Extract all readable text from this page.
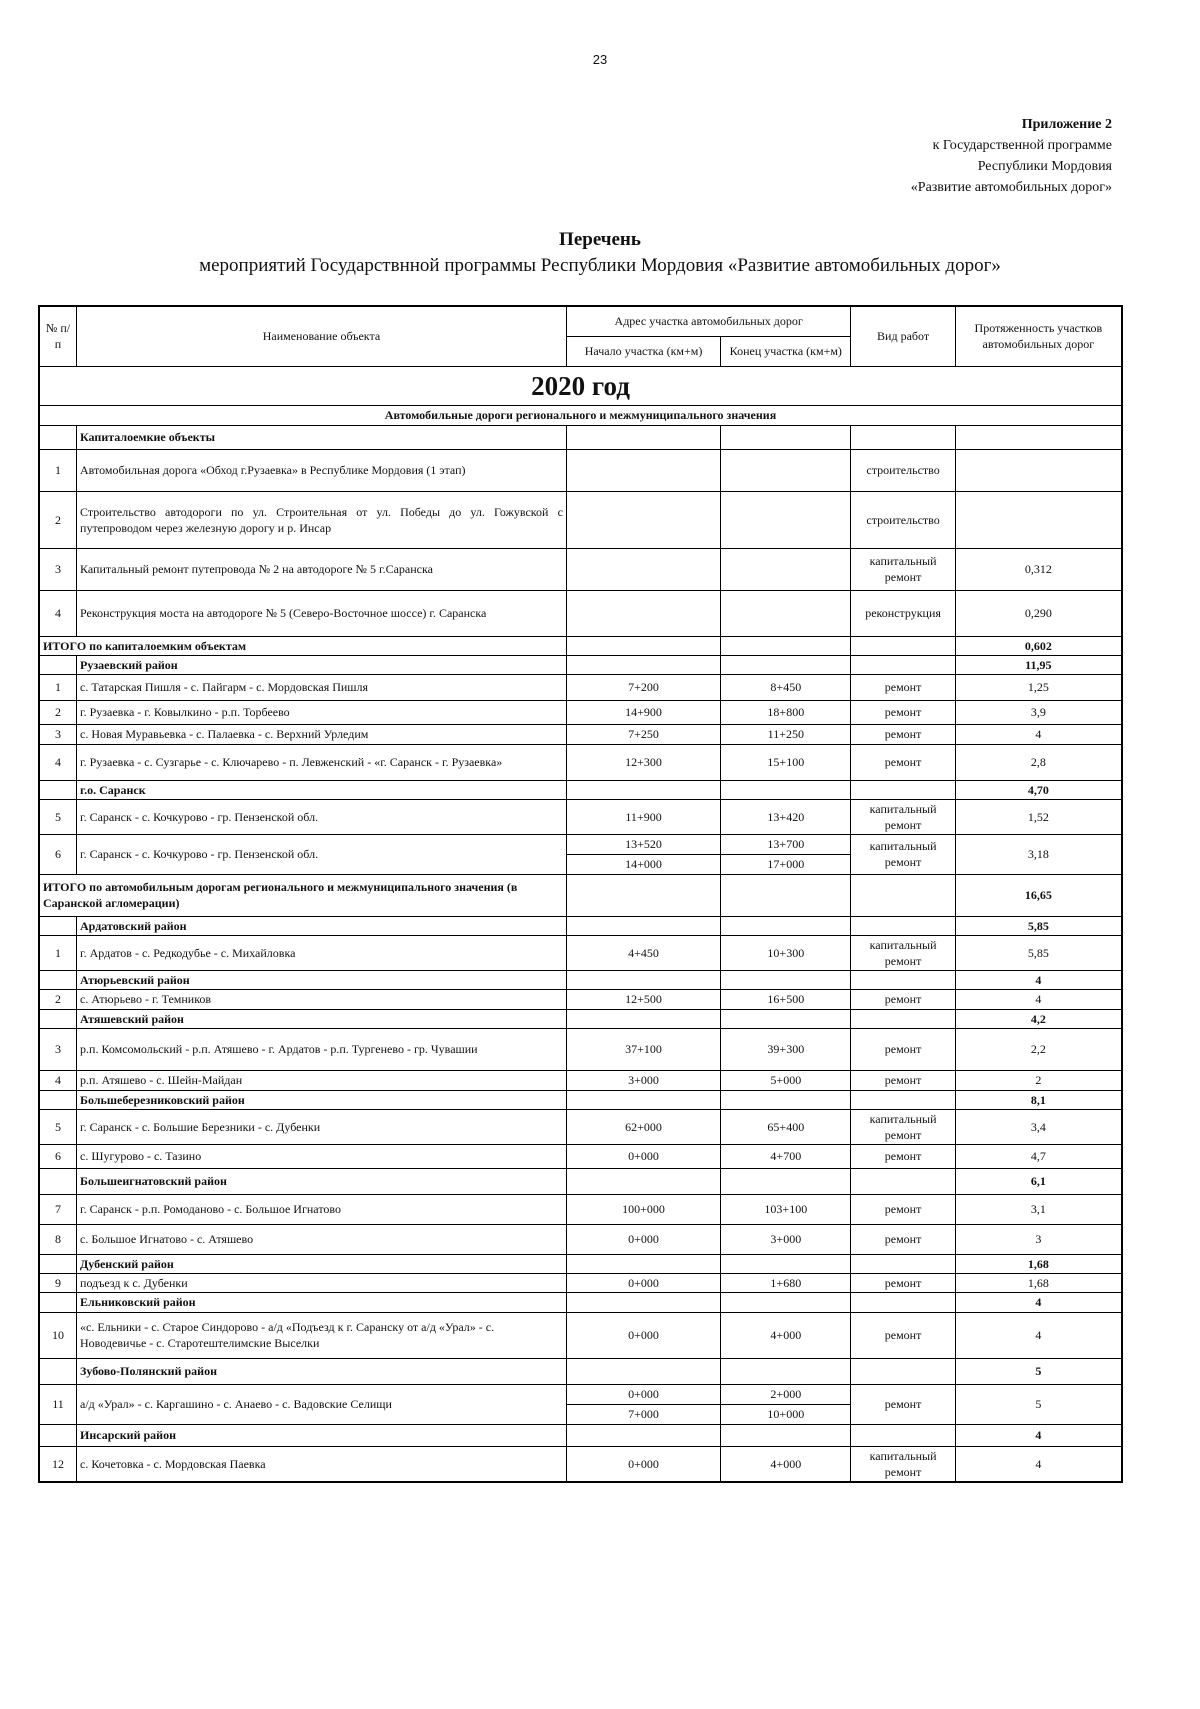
23
Приложение 2
к Государственной программе
Республики Мордовия
«Развитие автомобильных дорог»
Перечень
мероприятий Государствнной программы Республики Мордовия «Развитие автомобильных дорог»
№ п/п	Наименование объекта	Адрес участка автомобильных дорог		Вид работ	Протяженность участков автомобильных дорог
		Начало участка (км+м)	Конец участка (км+м)		
2020 год					
Автомобильные дороги регионального и межмуниципального значения					
	Капиталоемкие объекты				
1	Автомобильная дорога «Обход г.Рузаевка» в Республике Мордовия (1 этап)			строительство	
2	Строительство автодороги по ул. Строительная от ул. Победы до ул. Гожувской с путепроводом через железную дорогу и р. Инсар			строительство	
3	Капитальный ремонт путепровода № 2 на автодороге № 5 г.Саранска			капитальный ремонт	0,312
4	Реконструкция моста на автодороге № 5 (Северо-Восточное шоссе) г. Саранска			реконструкция	0,290
ИТОГО по капиталоемким объектам					0,602
	Рузаевский район				11,95
1	с. Татарская Пишля - с. Пайгарм - с. Мордовская Пишля	7+200	8+450	ремонт	1,25
2	г. Рузаевка - г. Ковылкино - р.п. Торбеево	14+900	18+800	ремонт	3,9
3	с. Новая Муравьевка - с. Палаевка - с. Верхний Урледим	7+250	11+250	ремонт	4
4	г. Рузаевка - с. Сузгарье - с. Ключарево - п. Левженский - «г. Саранск - г. Рузаевка»	12+300	15+100	ремонт	2,8
	г.о. Саранск				4,70
5	г. Саранск - с. Кочкурово - гр. Пензенской обл.	11+900	13+420	капитальный ремонт	1,52
6	г. Саранск - с. Кочкурово - гр. Пензенской обл.	13+520	13+700	капитальный ремонт	3,18
		14+000	17+000		
ИТОГО по автомобильным дорогам регионального и межмуниципального значения (в Саранской агломерации)					16,65
	Ардатовский район				5,85
1	г. Ардатов - с. Редкодубье - с. Михайловка	4+450	10+300	капитальный ремонт	5,85
	Атюрьевский район				4
2	с. Атюрьево - г. Темников	12+500	16+500	ремонт	4
	Атяшевский район				4,2
3	р.п. Комсомольский - р.п. Атяшево - г. Ардатов - р.п. Тургенево - гр. Чувашии	37+100	39+300	ремонт	2,2
4	р.п. Атяшево - с. Шейн-Майдан	3+000	5+000	ремонт	2
	Большеберезниковский район				8,1
5	г. Саранск - с. Большие Березники - с. Дубенки	62+000	65+400	капитальный ремонт	3,4
6	с. Шугурово - с. Тазино	0+000	4+700	ремонт	4,7
	Большеигнатовский район				6,1
7	г. Саранск - р.п. Ромоданово - с. Большое Игнатово	100+000	103+100	ремонт	3,1
8	с. Большое Игнатово - с. Атяшево	0+000	3+000	ремонт	3
	Дубенский район				1,68
9	подъезд к с. Дубенки	0+000	1+680	ремонт	1,68
	Ельниковский район				4
10	«с. Ельники - с. Старое Синдорово - а/д «Подъезд к г. Саранску от а/д «Урал» - с. Новодевичье - с. Старотештелимские Выселки	0+000	4+000	ремонт	4
	Зубово-Полянский район				5
11	а/д «Урал» - с. Каргашино - с. Анаево - с. Вадовские Селищи	0+000	2+000	ремонт	5
		7+000	10+000		
	Инсарский район				4
12	с. Кочетовка - с. Мордовская Паевка	0+000	4+000	капитальный ремонт	4
